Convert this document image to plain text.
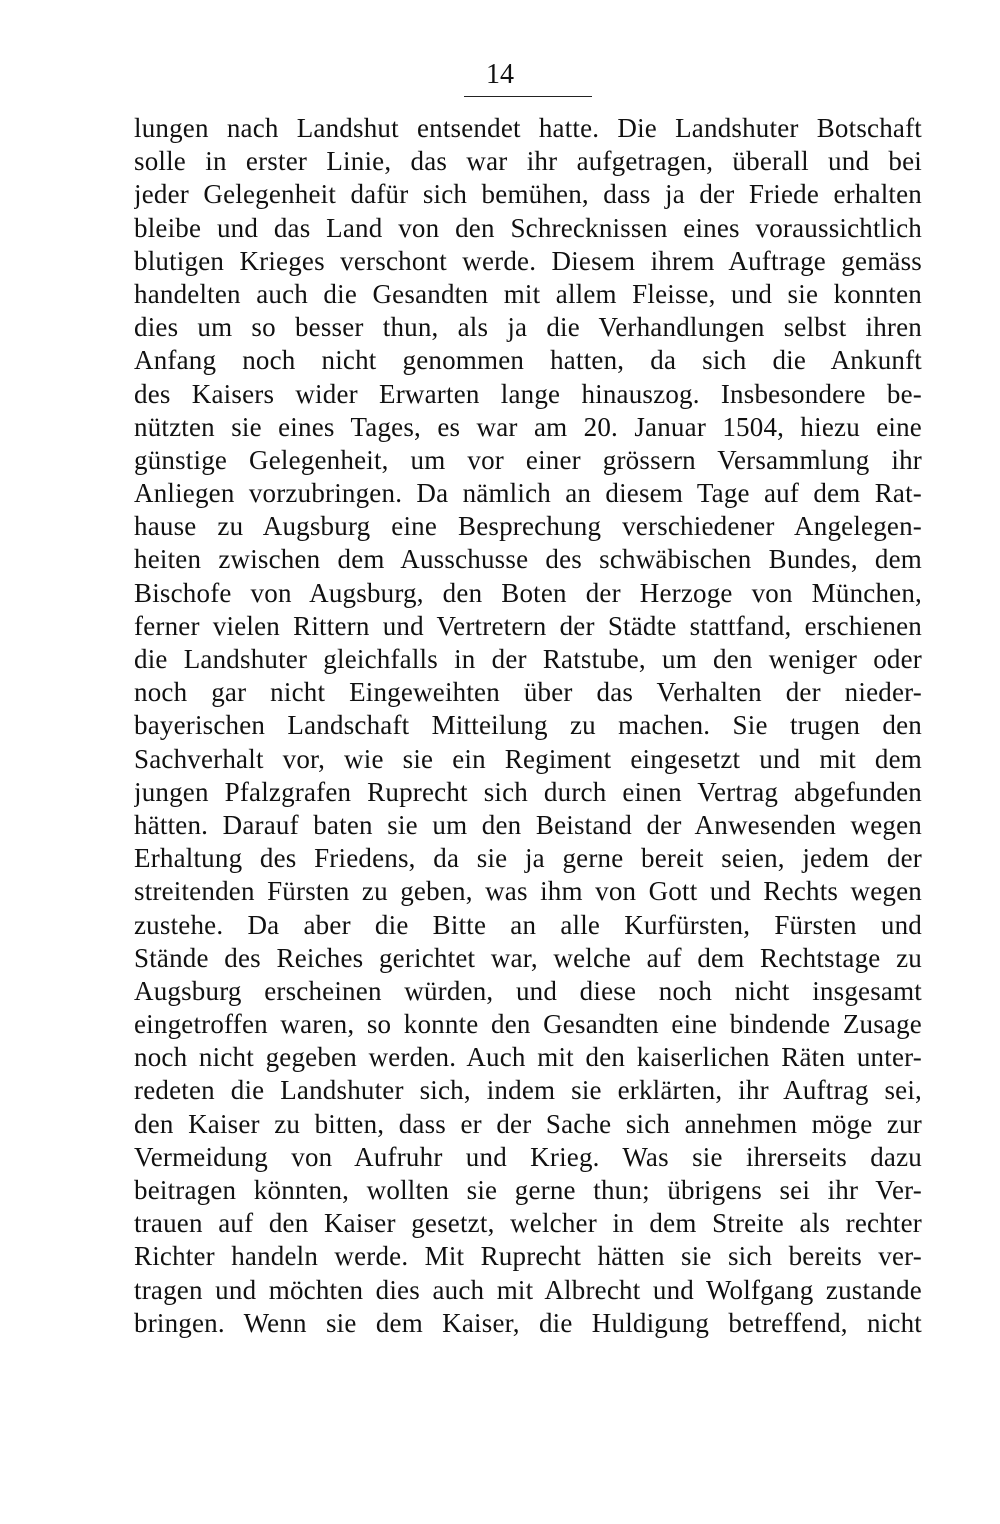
14
lungen nach Landshut entsendet hatte. Die Landshuter Botschaft
solle in erster Linie, das war ihr aufgetragen, überall und bei
jeder Gelegenheit dafür sich bemühen, dass ja der Friede erhalten
bleibe und das Land von den Schrecknissen eines voraussichtlich
blutigen Krieges verschont werde. Diesem ihrem Auftrage gemäss
handelten auch die Gesandten mit allem Fleisse, und sie konnten
dies um so besser thun, als ja die Verhandlungen selbst ihren
Anfang noch nicht genommen hatten, da sich die Ankunft
des Kaisers wider Erwarten lange hinauszog. Insbesondere be-
nützten sie eines Tages, es war am 20. Januar 1504, hiezu eine
günstige Gelegenheit, um vor einer grössern Versammlung ihr
Anliegen vorzubringen. Da nämlich an diesem Tage auf dem Rat-
hause zu Augsburg eine Besprechung verschiedener Angelegen-
heiten zwischen dem Ausschusse des schwäbischen Bundes, dem
Bischofe von Augsburg, den Boten der Herzoge von München,
ferner vielen Rittern und Vertretern der Städte stattfand, erschienen
die Landshuter gleichfalls in der Ratstube, um den weniger oder
noch gar nicht Eingeweihten über das Verhalten der nieder-
bayerischen Landschaft Mitteilung zu machen. Sie trugen den
Sachverhalt vor, wie sie ein Regiment eingesetzt und mit dem
jungen Pfalzgrafen Ruprecht sich durch einen Vertrag abgefunden
hätten. Darauf baten sie um den Beistand der Anwesenden wegen
Erhaltung des Friedens, da sie ja gerne bereit seien, jedem der
streitenden Fürsten zu geben, was ihm von Gott und Rechts wegen
zustehe. Da aber die Bitte an alle Kurfürsten, Fürsten und
Stände des Reiches gerichtet war, welche auf dem Rechtstage zu
Augsburg erscheinen würden, und diese noch nicht insgesamt
eingetroffen waren, so konnte den Gesandten eine bindende Zusage
noch nicht gegeben werden. Auch mit den kaiserlichen Räten unter-
redeten die Landshuter sich, indem sie erklärten, ihr Auftrag sei,
den Kaiser zu bitten, dass er der Sache sich annehmen möge zur
Vermeidung von Aufruhr und Krieg. Was sie ihrerseits dazu
beitragen könnten, wollten sie gerne thun; übrigens sei ihr Ver-
trauen auf den Kaiser gesetzt, welcher in dem Streite als rechter
Richter handeln werde. Mit Ruprecht hätten sie sich bereits ver-
tragen und möchten dies auch mit Albrecht und Wolfgang zustande
bringen. Wenn sie dem Kaiser, die Huldigung betreffend, nicht
